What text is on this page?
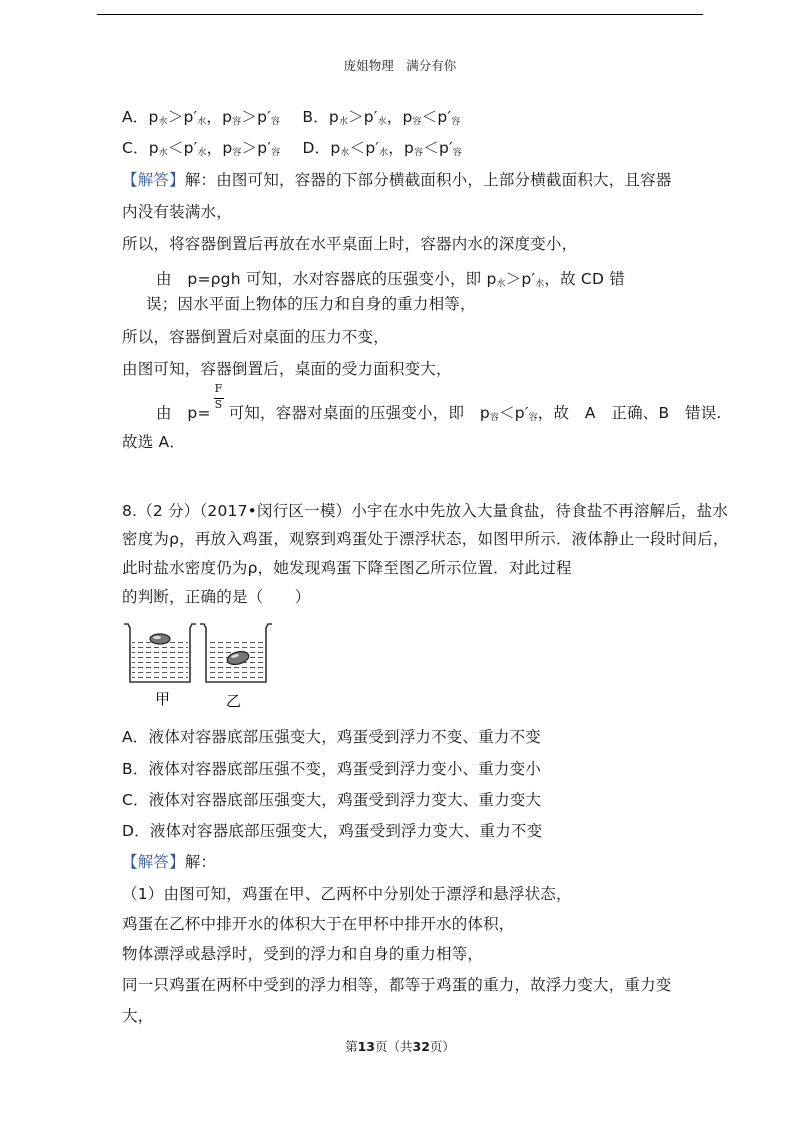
庞姐物理　满分有你
A．$p_水>p'_水$，$p_容>p'_容$ B．$p_水>p'_水$，$p_容<p'_容$
C．$p_水<p'_水$，$p_容>p'_容$ D．$p_水<p'_水$，$p_容<p'_容$
【解答】解：由图可知，容器的下部分横截面积小，上部分横截面积大，且容器
内没有装满水，
所以，将容器倒置后再放在水平桌面上时，容器内水的深度变小，
由　p=ρgh 可知，水对容器底的压强变小，即 $p_水>p'_水$，故 CD 错
误；因水平面上物体的压力和自身的重力相等，
所以，容器倒置后对桌面的压力不变，
由图可知，容器倒置后，桌面的受力面积变大，
由　$p= \frac{F}{S}$ 可知，容器对桌面的压强变小，即　$p_容<p'_容$，故　A　正确、B　错误.
故选 A．
8.（2 分）（2017•闵行区一模）小宇在水中先放入大量食盐，待食盐不再溶解后，盐水
密度为ρ，再放入鸡蛋，观察到鸡蛋处于漂浮状态，如图甲所示．液体静止一段时间后，
此时盐水密度仍为ρ，她发现鸡蛋下降至图乙所示位置．对此过程
的判断，正确的是（　　）
甲	乙
A．液体对容器底部压强变大，鸡蛋受到浮力不变、重力不变
B．液体对容器底部压强不变，鸡蛋受到浮力变小、重力变小
C．液体对容器底部压强变大，鸡蛋受到浮力变大、重力变大
D．液体对容器底部压强变大，鸡蛋受到浮力变大、重力不变
【解答】解：
（1）由图可知，鸡蛋在甲、乙两杯中分别处于漂浮和悬浮状态，
鸡蛋在乙杯中排开水的体积大于在甲杯中排开水的体积，
物体漂浮或悬浮时，受到的浮力和自身的重力相等，
同一只鸡蛋在两杯中受到的浮力相等，都等于鸡蛋的重力，故浮力变大，重力变
大，
第13页（共32页）
